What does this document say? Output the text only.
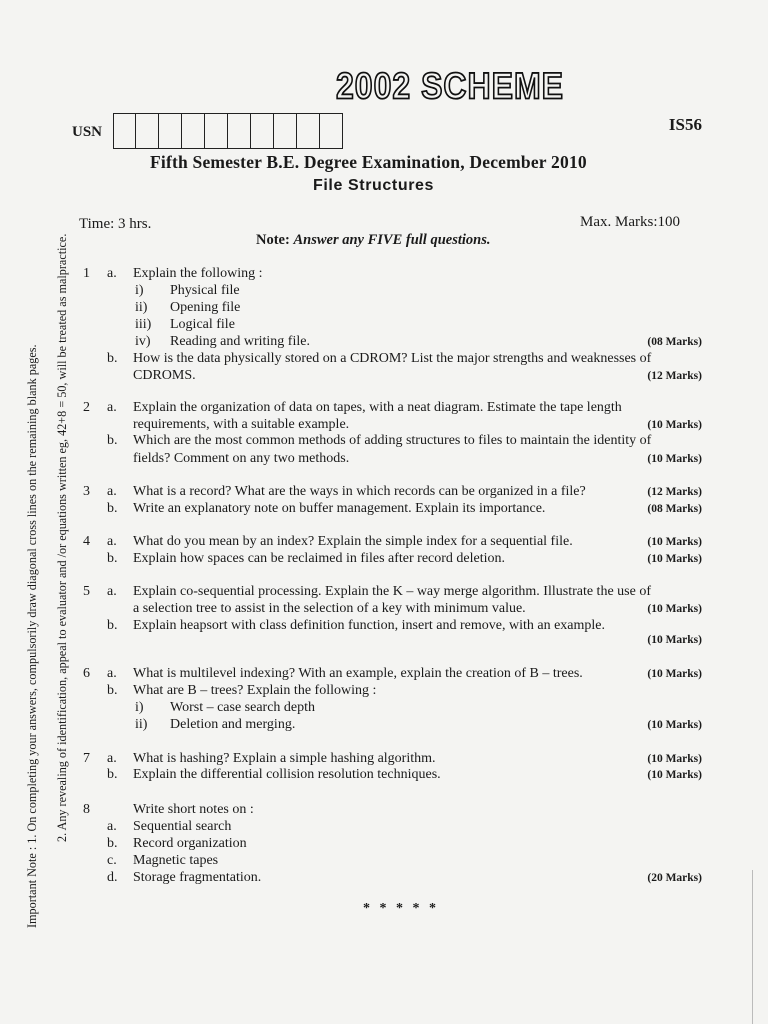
2002 SCHEME
USN	IS56
Fifth Semester B.E. Degree Examination, December 2010
File Structures
Time: 3 hrs.	Max. Marks:100
Note: Answer any FIVE full questions.
Important Note : 1. On completing your answers, compulsorily draw diagonal cross lines on the remaining blank pages. 2. Any revealing of identification, appeal to evaluator and /or equations written eg, 42+8 = 50, will be treated as malpractice. 1 a. Explain the following :
i) Physical file
ii) Opening file
iii) Logical file
iv) Reading and writing file.	(08 Marks)
b. How is the data physically stored on a CDROM? List the major strengths and weaknesses of
CDROMS.	(12 Marks)
2 a. Explain the organization of data on tapes, with a neat diagram. Estimate the tape length
requirements, with a suitable example.	(10 Marks)
b. Which are the most common methods of adding structures to files to maintain the identity of
fields? Comment on any two methods.	(10 Marks)
3 a. What is a record? What are the ways in which records can be organized in a file?	(12 Marks)
b. Write an explanatory note on buffer management. Explain its importance.	(08 Marks)
4 a. What do you mean by an index? Explain the simple index for a sequential file.	(10 Marks)
b. Explain how spaces can be reclaimed in files after record deletion.	(10 Marks)
5 a. Explain co-sequential processing. Explain the K – way merge algorithm. Illustrate the use of
a selection tree to assist in the selection of a key with minimum value.	(10 Marks)
b. Explain heapsort with class definition function, insert and remove, with an example.
(10 Marks)
6 a. What is multilevel indexing? With an example, explain the creation of B – trees.	(10 Marks)
b. What are B – trees? Explain the following :
i) Worst – case search depth
ii) Deletion and merging.	(10 Marks)
7 a. What is hashing? Explain a simple hashing algorithm.	(10 Marks)
b. Explain the differential collision resolution techniques.	(10 Marks)
8	Write short notes on :
a. Sequential search
b. Record organization
c. Magnetic tapes
d. Storage fragmentation.	(20 Marks)
* * * * *
